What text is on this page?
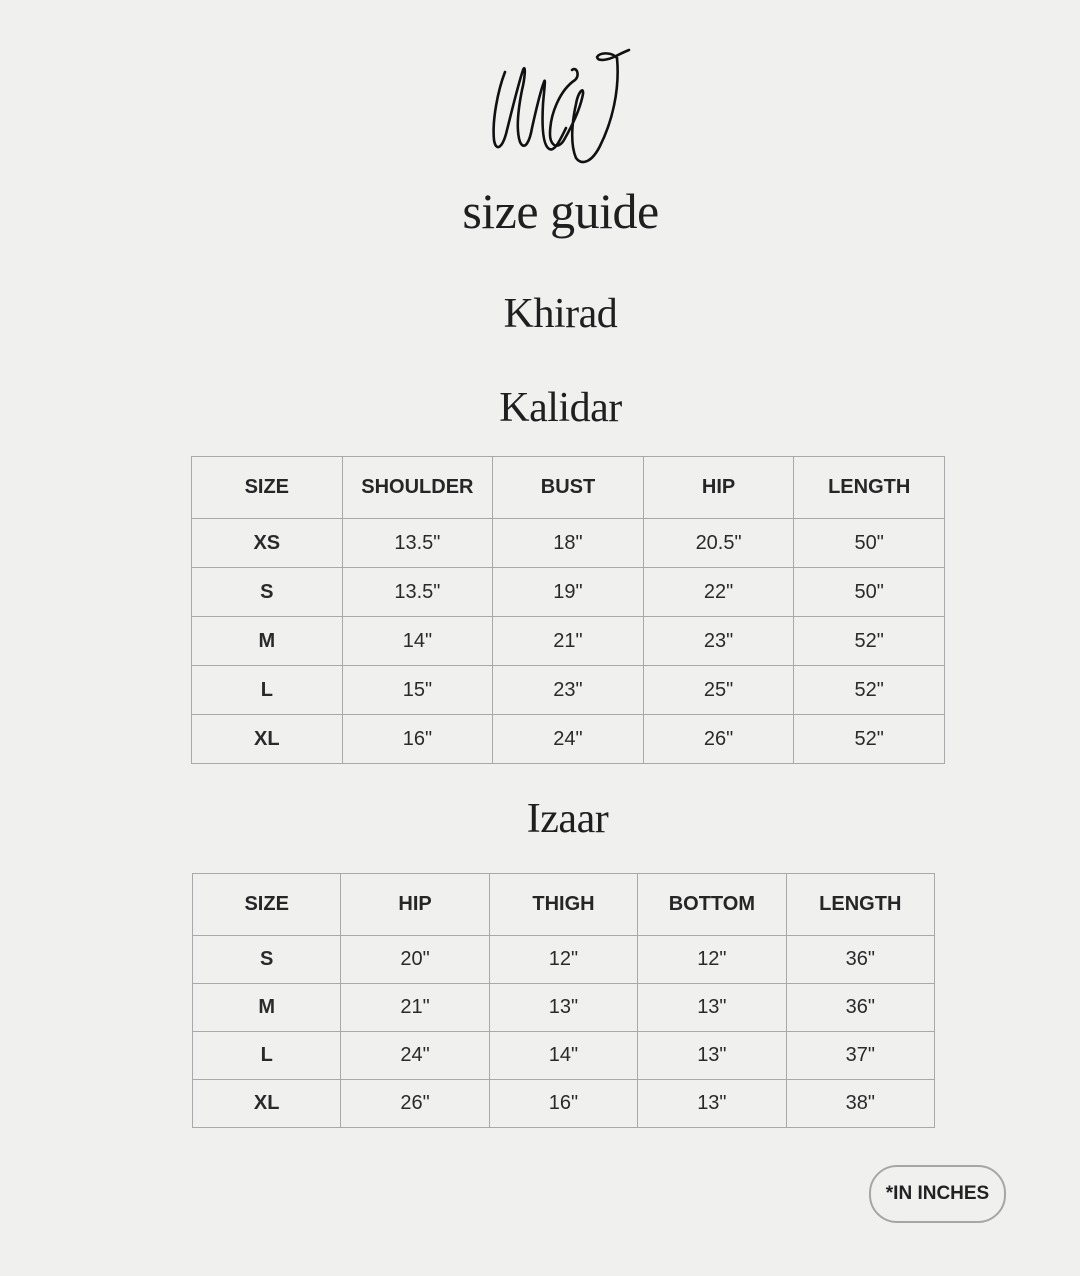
size guide
Khirad
Kalidar
SIZE	SHOULDER	BUST	HIP	LENGTH
XS	13.5"	18"	20.5"	50"
S	13.5"	19"	22"	50"
M	14"	21"	23"	52"
L	15"	23"	25"	52"
XL	16"	24"	26"	52"
Izaar
SIZE	HIP	THIGH	BOTTOM	LENGTH
S	20"	12"	12"	36"
M	21"	13"	13"	36"
L	24"	14"	13"	37"
XL	26"	16"	13"	38"
*IN INCHES
